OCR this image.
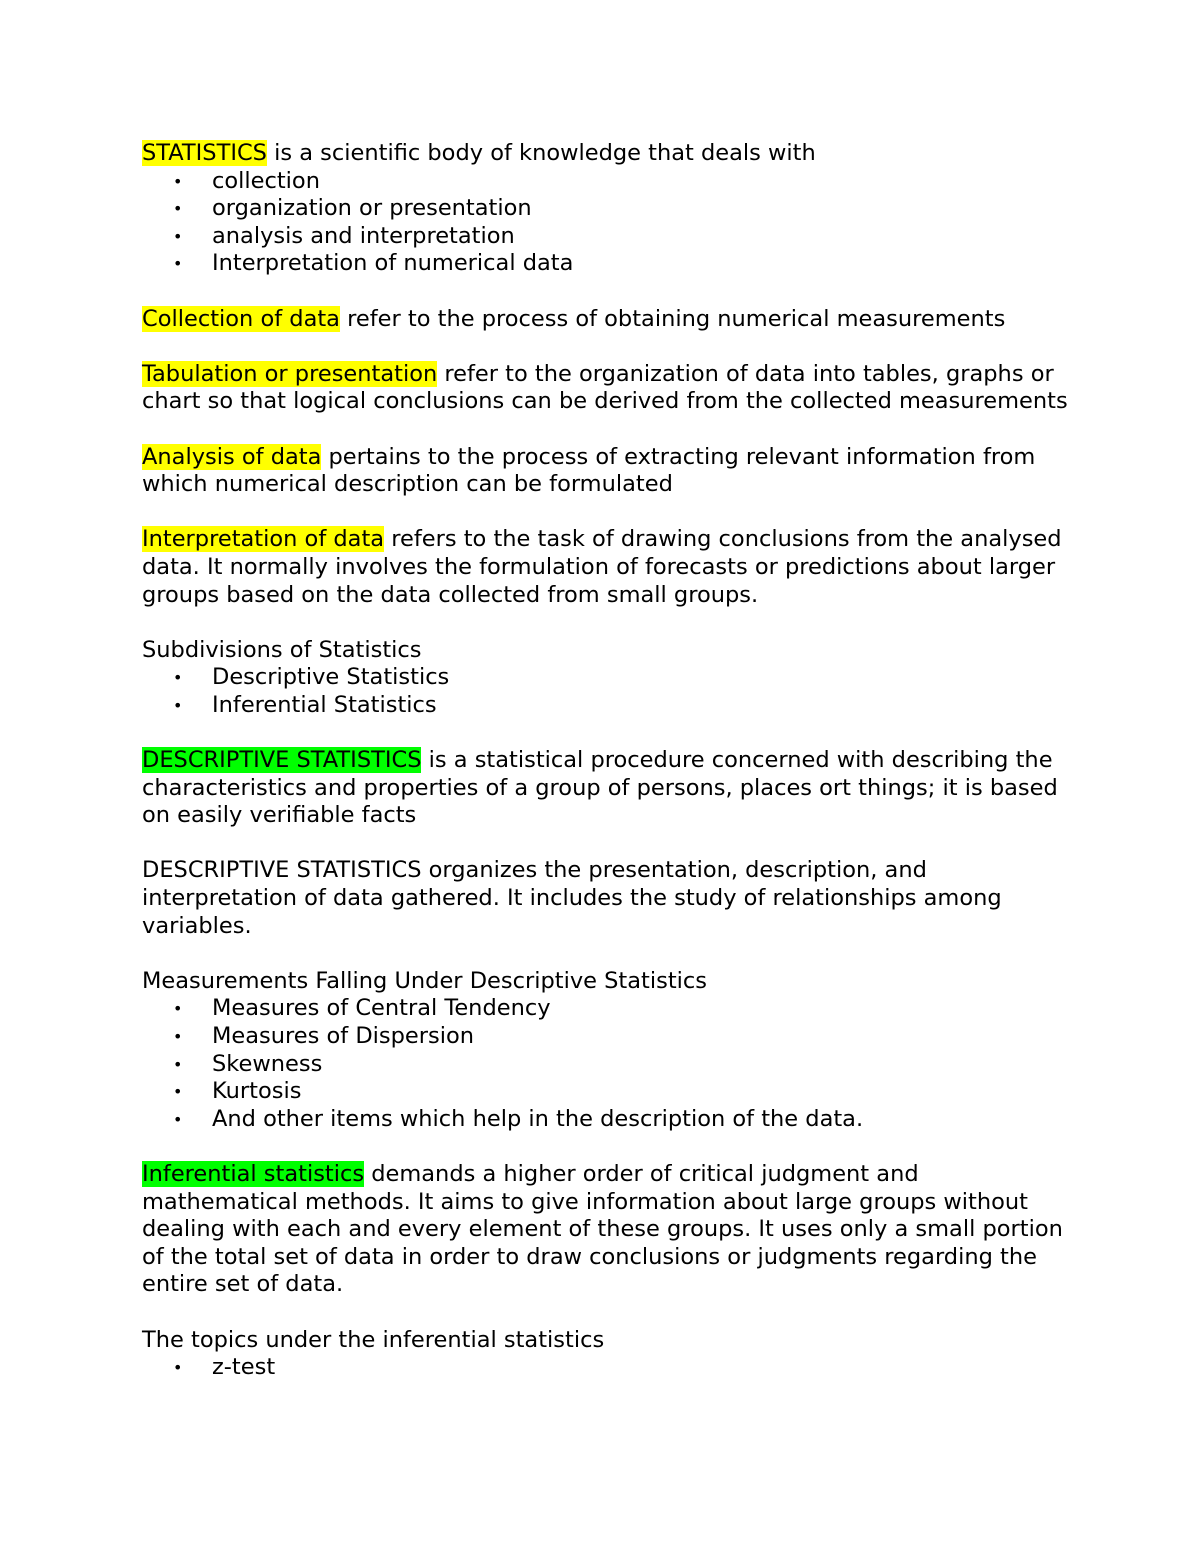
STATISTICS is a scientific body of knowledge that deals with

• collection
• organization or presentation
• analysis and interpretation
• Interpretation of numerical data

Collection of data refer to the process of obtaining numerical measurements

Tabulation or presentation refer to the organization of data into tables, graphs or chart so that logical conclusions can be derived from the collected measurements

Analysis of data pertains to the process of extracting relevant information from which numerical description can be formulated

Interpretation of data refers to the task of drawing conclusions from the analysed data. It normally involves the formulation of forecasts or predictions about larger groups based on the data collected from small groups.

Subdivisions of Statistics

• Descriptive Statistics
• Inferential Statistics

DESCRIPTIVE STATISTICS is a statistical procedure concerned with describing the characteristics and properties of a group of persons, places ort things; it is based on easily verifiable facts

DESCRIPTIVE STATISTICS organizes the presentation, description, and interpretation of data gathered. It includes the study of relationships among variables.

Measurements Falling Under Descriptive Statistics

• Measures of Central Tendency
• Measures of Dispersion
• Skewness
• Kurtosis
• And other items which help in the description of the data.

Inferential statistics demands a higher order of critical judgment and mathematical methods. It aims to give information about large groups without dealing with each and every element of these groups. It uses only a small portion of the total set of data in order to draw conclusions or judgments regarding the entire set of data.

The topics under the inferential statistics

• z-test
